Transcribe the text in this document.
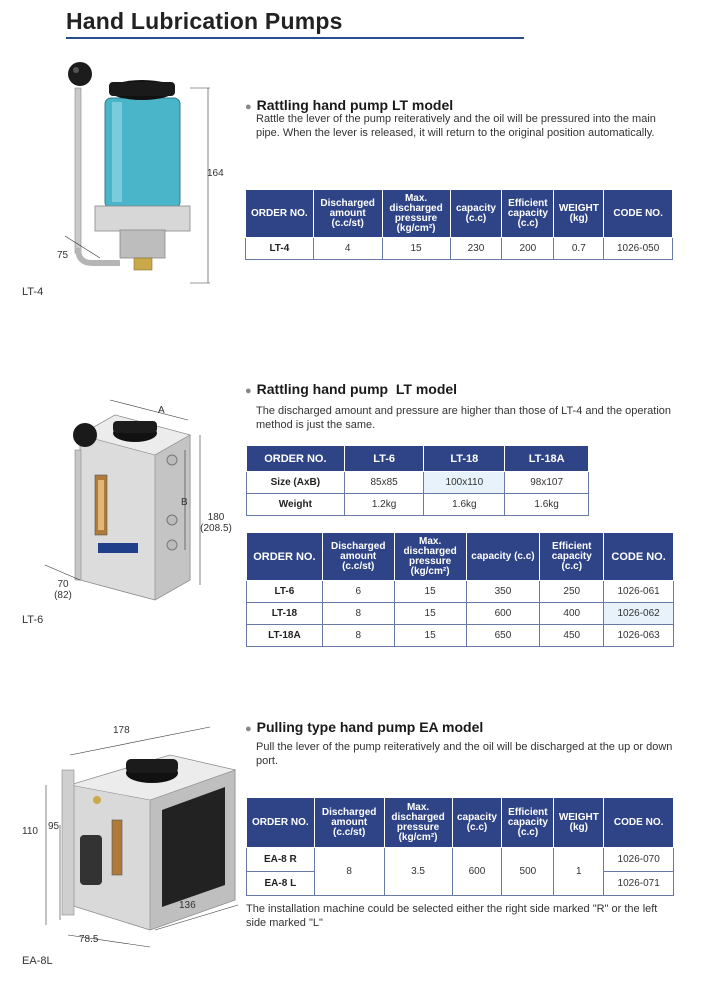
Hand Lubrication Pumps
164
75
LT-4
● Rattling hand pump LT model
Rattle the lever of the pump reiteratively and the oil will be pressured into the main pipe. When the lever is released, it will return to the original position automatically.
ORDER NO.	Discharged amount (c.c/st)	Max. discharged pressure (kg/cm²)	capacity (c.c)	Efficient capacity (c.c)	WEIGHT (kg)	CODE NO.
LT-4	4	15	230	200	0.7	1026-050
A
B
180
(208.5)
70
(82)
LT-6
● Rattling hand pump  LT model
The discharged amount and pressure are higher than those of LT-4 and the operation method is just the same.
ORDER NO.	LT-6	LT-18	LT-18A
Size (AxB)	85x85	100x110	98x107
Weight	1.2kg	1.6kg	1.6kg
ORDER NO.	Discharged amount (c.c/st)	Max. discharged pressure (kg/cm²)	capacity (c.c)	Efficient capacity (c.c)	CODE NO.
LT-6	6	15	350	250	1026-061
LT-18	8	15	600	400	1026-062
LT-18A	8	15	650	450	1026-063
178
110 95
136
78.5
EA-8L
● Pulling type hand pump EA model
Pull the lever of the pump reiteratively and the oil will be discharged at the up or down port.
ORDER NO.	Discharged amount (c.c/st)	Max. discharged pressure (kg/cm²)	capacity (c.c)	Efficient capacity (c.c)	WEIGHT (kg)	CODE NO.
EA-8 R	8	3.5	600	500	1	1026-070
EA-8 L						1026-071
The installation machine could be selected either the right side marked "R" or the left side marked "L"
